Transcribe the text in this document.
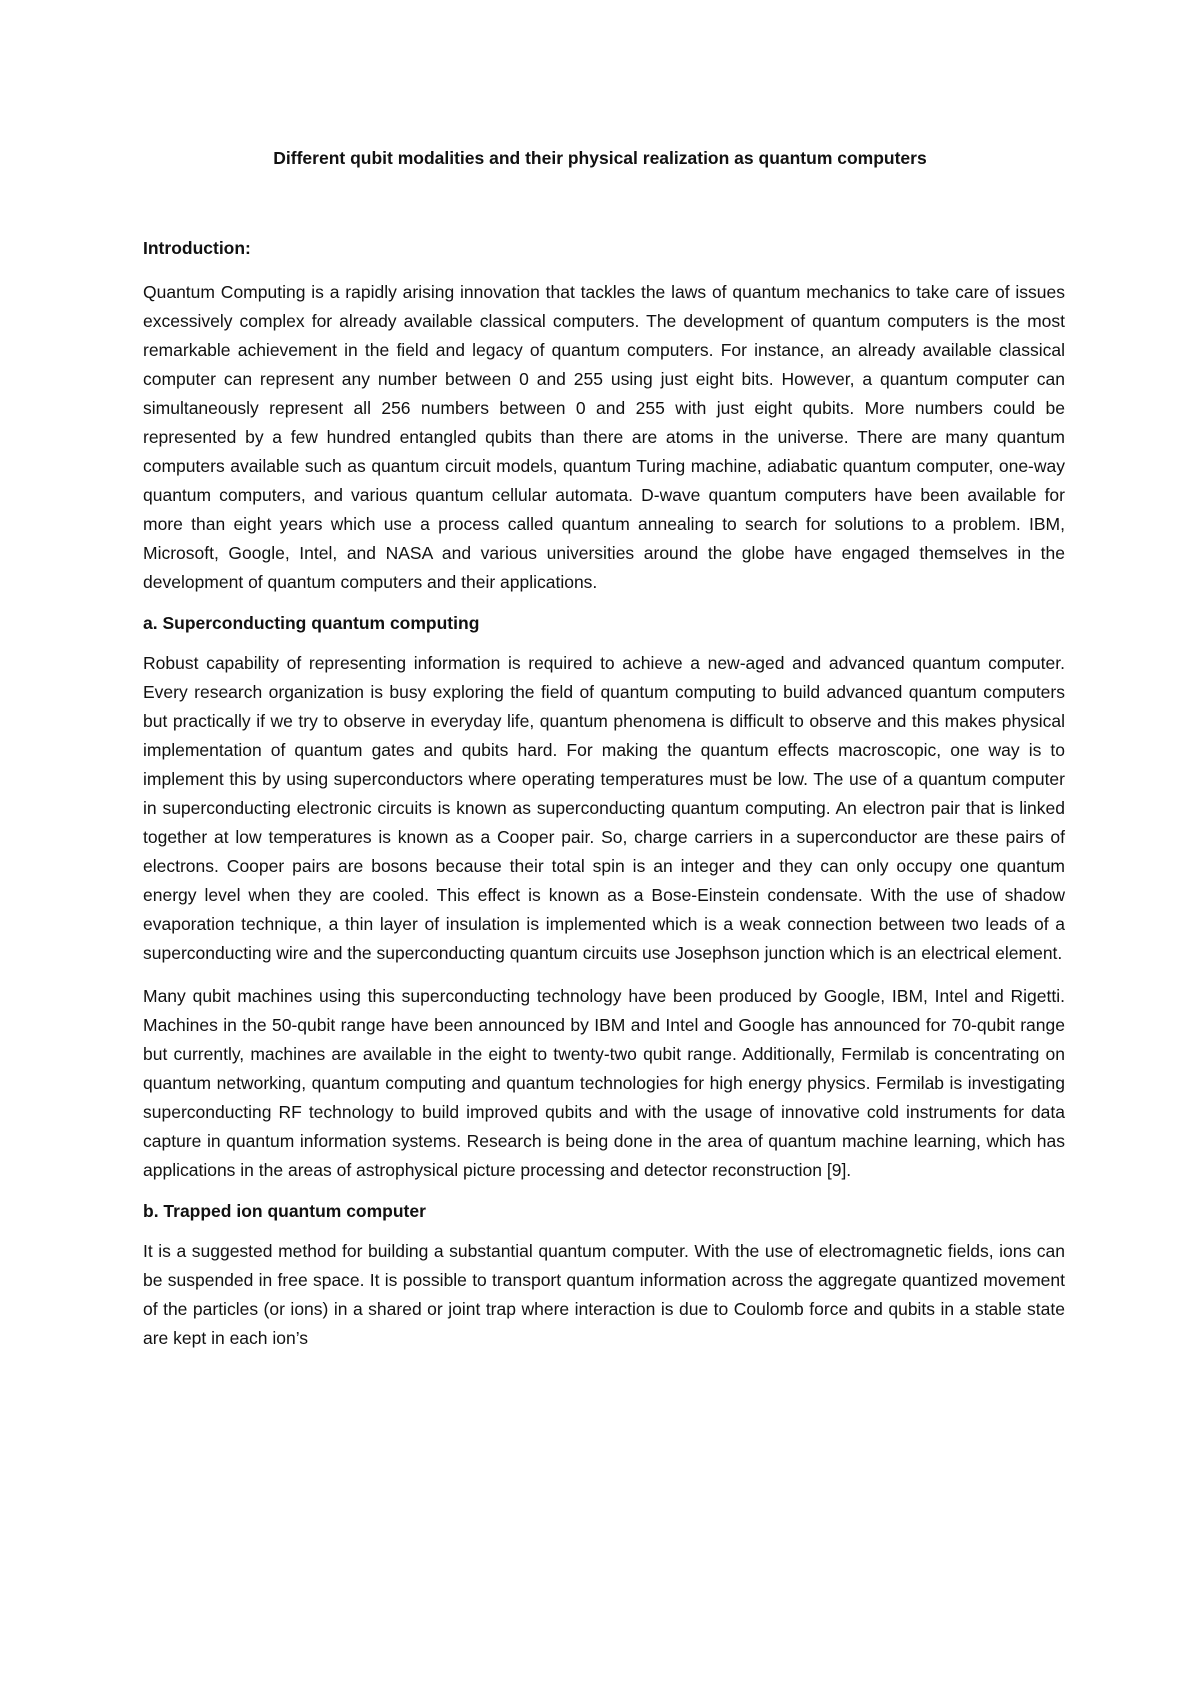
Different qubit modalities and their physical realization as quantum computers

Introduction:

Quantum Computing is a rapidly arising innovation that tackles the laws of quantum mechanics to take care of issues excessively complex for already available classical computers. The development of quantum computers is the most remarkable achievement in the field and legacy of quantum computers. For instance, an already available classical computer can represent any number between 0 and 255 using just eight bits. However, a quantum computer can simultaneously represent all 256 numbers between 0 and 255 with just eight qubits. More numbers could be represented by a few hundred entangled qubits than there are atoms in the universe. There are many quantum computers available such as quantum circuit models, quantum Turing machine, adiabatic quantum computer, one-way quantum computers, and various quantum cellular automata. D-wave quantum computers have been available for more than eight years which use a process called quantum annealing to search for solutions to a problem. IBM, Microsoft, Google, Intel, and NASA and various universities around the globe have engaged themselves in the development of quantum computers and their applications.

a. Superconducting quantum computing

Robust capability of representing information is required to achieve a new-aged and advanced quantum computer. Every research organization is busy exploring the field of quantum computing to build advanced quantum computers but practically if we try to observe in everyday life, quantum phenomena is difficult to observe and this makes physical implementation of quantum gates and qubits hard. For making the quantum effects macroscopic, one way is to implement this by using superconductors where operating temperatures must be low. The use of a quantum computer in superconducting electronic circuits is known as superconducting quantum computing. An electron pair that is linked together at low temperatures is known as a Cooper pair. So, charge carriers in a superconductor are these pairs of electrons. Cooper pairs are bosons because their total spin is an integer and they can only occupy one quantum energy level when they are cooled. This effect is known as a Bose-Einstein condensate. With the use of shadow evaporation technique, a thin layer of insulation is implemented which is a weak connection between two leads of a superconducting wire and the superconducting quantum circuits use Josephson junction which is an electrical element.

Many qubit machines using this superconducting technology have been produced by Google, IBM, Intel and Rigetti. Machines in the 50-qubit range have been announced by IBM and Intel and Google has announced for 70-qubit range but currently, machines are available in the eight to twenty-two qubit range. Additionally, Fermilab is concentrating on quantum networking, quantum computing and quantum technologies for high energy physics. Fermilab is investigating superconducting RF technology to build improved qubits and with the usage of innovative cold instruments for data capture in quantum information systems. Research is being done in the area of quantum machine learning, which has applications in the areas of astrophysical picture processing and detector reconstruction [9].

b. Trapped ion quantum computer

It is a suggested method for building a substantial quantum computer. With the use of electromagnetic fields, ions can be suspended in free space. It is possible to transport quantum information across the aggregate quantized movement of the particles (or ions) in a shared or joint trap where interaction is due to Coulomb force and qubits in a stable state are kept in each ion’s
